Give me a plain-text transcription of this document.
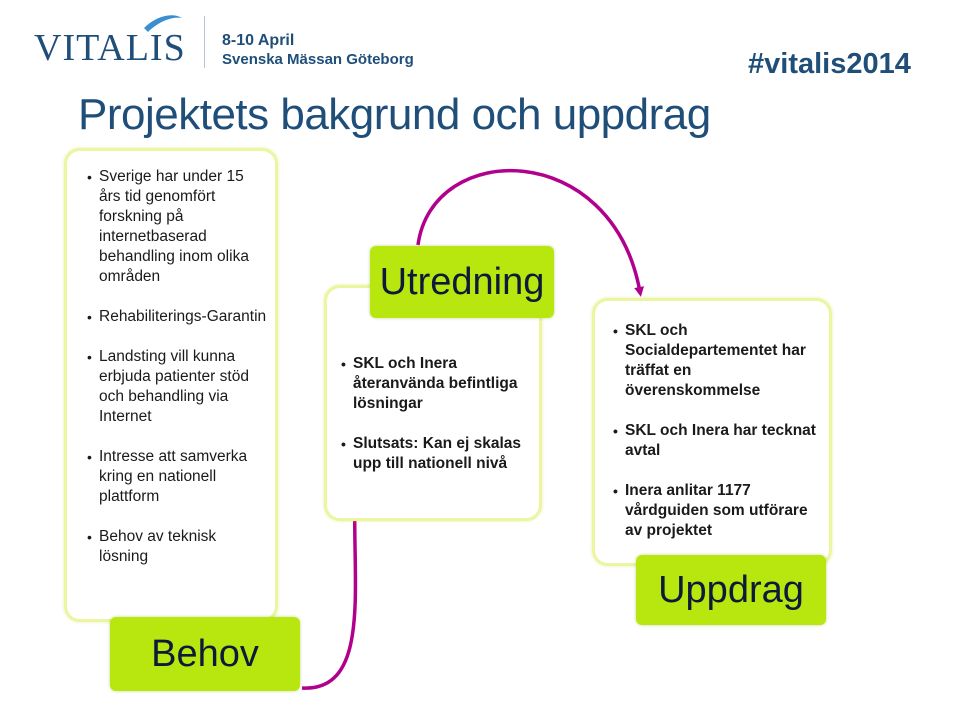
VITALIS 8-10 April
Svenska Mässan Göteborg	#vitalis2014
Projektets bakgrund och uppdrag
• Sverige har under 15 års tid genomfört forskning på internetbaserad behandling inom olika områden
• Rehabiliterings-Garantin
• Landsting vill kunna erbjuda patienter stöd och behandling via Internet
• Intresse att samverka kring en nationell plattform
• Behov av teknisk lösning
Behov
• SKL och Inera återanvända befintliga lösningar
• Slutsats: Kan ej skalas upp till nationell nivå
Utredning
• SKL och Socialdepartementet har träffat en överenskommelse
• SKL och Inera har tecknat avtal
• Inera anlitar 1177 vårdguiden som utförare av projektet
Uppdrag
